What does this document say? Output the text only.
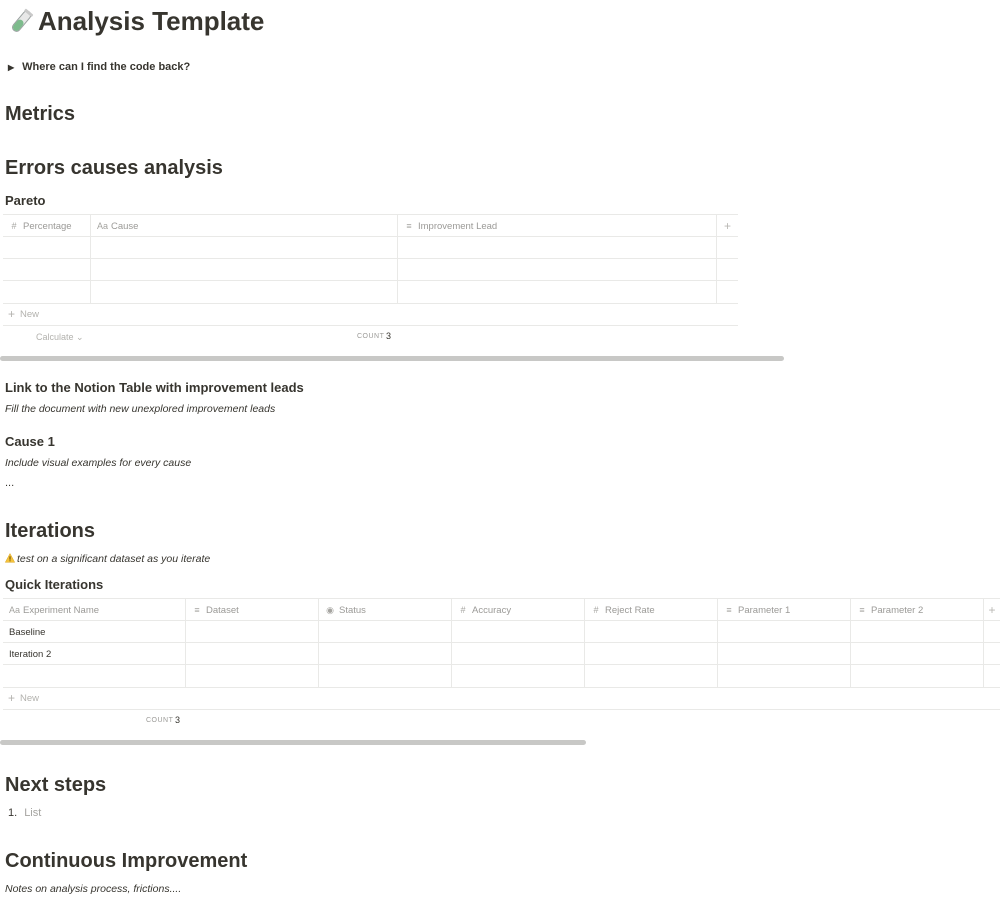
Analysis Template
▶ Where can I find the code back?
Metrics
Errors causes analysis
Pareto
# Percentage	Aa Cause	≡ Improvement Lead	+
+ New
Calculate ⌄	COUNT 3
Link to the Notion Table with improvement leads
Fill the document with new unexplored improvement leads
Cause 1
Include visual examples for every cause
...
Iterations
test on a significant dataset as you iterate
Quick Iterations
Aa Experiment Name	≡ Dataset	◉ Status	# Accuracy	# Reject Rate	≡ Parameter 1	≡ Parameter 2	+
Baseline
Iteration 2
+ New
COUNT 3
Next steps
1. List
Continuous Improvement
Notes on analysis process, frictions....
